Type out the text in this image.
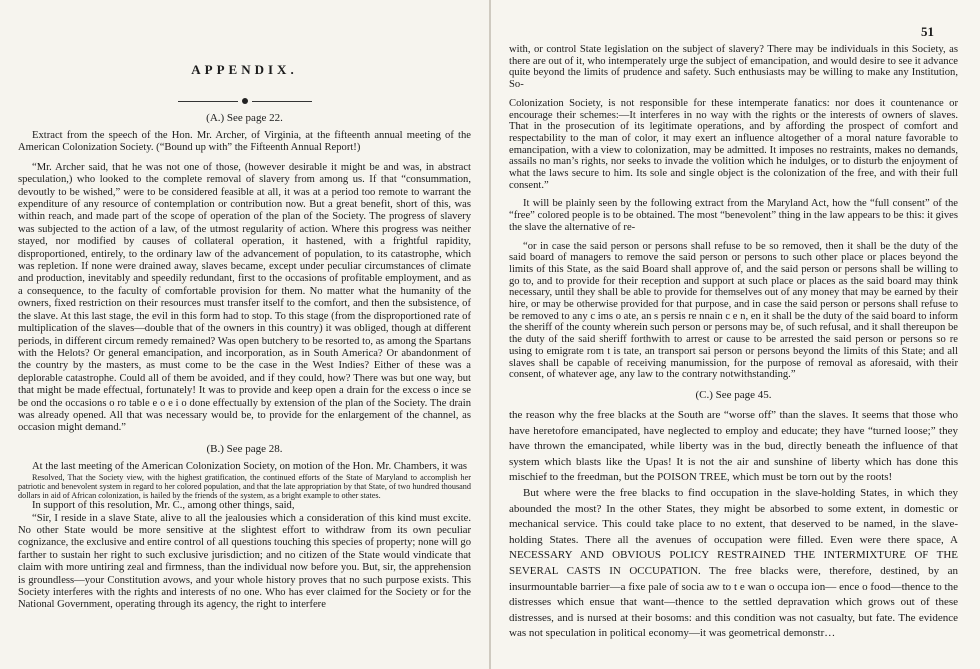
APPENDIX.
(A.) See page 22.

Extract from the speech of the Hon. Mr. Archer, of Virginia, at the fifteenth annual meeting of the American Colonization Society. (“Bound up with” the Fifteenth Annual Report!)

“Mr. Archer said, that he was not one of those, (however desirable it might be and was, in abstract speculation,) who looked to the complete removal of slavery from among us. If that “consummation, devoutly to be wished,” were to be considered feasible at all, it was at a period too remote to warrant the expenditure of any resource of contemplation or contribution now. But a great benefit, short of this, was within reach, and made part of the scope of operation of the plan of the Society. The progress of slavery was subjected to the action of a law, of the utmost regularity of action. Where this progress was neither stayed, nor modified by causes of collateral operation, it hastened, with a frightful rapidity, disproportioned, entirely, to the ordinary law of the advancement of population, to its catastrophe, which was repletion. If none were drained away, slaves became, except under peculiar circumstances of climate and production, inevitably and speedily redundant, first to the occasions of profitable employment, and as a consequence, to the faculty of comfortable provision for them. No matter what the humanity of the owners, fixed restriction on their resources must transfer itself to the comfort, and then the subsistence, of the slave. At this last stage, the evil in this form had to stop. To this stage (from the disproportioned rate of multiplication of the slaves—double that of the owners in this country) it was obliged, though at different periods, in different circum remedy remained? Was open butchery to be resorted to, as among the Spartans with the Helots? Or general emancipation, and incorporation, as in South America? Or abandonment of the country by the masters, as must come to be the case in the West Indies? Either of these was a deplorable catastrophe. Could all of them be avoided, and if they could, how? There was but one way, but that might be made effectual, fortunately! It was to provide and keep open a drain for the excess o ince se be ond the occasions o ro table e o e i o done effectually by extension of the plan of the Society. The drain was already opened. All that was necessary would be, to provide for the enlargement of the channel, as occasion might demand.”

(B.) See page 28.

At the last meeting of the American Colonization Society, on motion of the Hon. Mr. Chambers, it was

Resolved, That the Society view, with the highest gratification, the continued efforts of the State of Maryland to accomplish her patriotic and benevolent system in regard to her colored population, and that the late appropriation by that State, of two hundred thousand dollars in aid of African colonization, is hailed by the friends of the system, as a bright example to other states.

In support of this resolution, Mr. C., among other things, said,

“Sir, I reside in a slave State, alive to all the jealousies which a consideration of this kind must excite. No other State would be more sensitive at the slightest effort to withdraw from its own peculiar cognizance, the exclusive and entire control of all questions touching this species of property; none will go farther to sustain her right to such exclusive jurisdiction; and no citizen of the State would vindicate that claim with more untiring zeal and firmness, than the individual now before you. But, sir, the apprehension is groundless—your Constitution avows, and your whole history proves that no such purpose exists. This Society interferes with the rights and interests of no one. Who has ever claimed for the Society or for the National Government, operating through its agency, the right to interfere

51

with, or control State legislation on the subject of slavery? There may be individuals in this Society, as there are out of it, who intemperately urge the subject of emancipation, and would desire to see it advance quite beyond the limits of prudence and safety. Such enthusiasts may be willing to make any Institution, So-

Colonization Society, is not responsible for these intemperate fanatics: nor does it countenance or encourage their schemes:—It interferes in no way with the rights or the interests of owners of slaves. That in the prosecution of its legitimate operations, and by affording the prospect of comfort and respectability to the man of color, it may exert an influence altogether of a moral nature favorable to emancipation, with a view to colonization, may be admitted. It imposes no restraints, makes no demands, assails no man’s rights, nor seeks to invade the volition which he indulges, or to disturb the enjoyment of what the laws secure to him. Its sole and single object is the colonization of the free, and with their full consent.”

It will be plainly seen by the following extract from the Maryland Act, how the “full consent” of the “free” colored people is to be obtained. The most “benevolent” thing in the law appears to be this: it gives the slave the alternative of re-

“or in case the said person or persons shall refuse to be so removed, then it shall be the duty of the said board of managers to remove the said person or persons to such other place or places beyond the limits of this State, as the said Board shall approve of, and the said person or persons shall be willing to go to, and to provide for their reception and support at such place or places as the said board may think necessary, until they shall be able to provide for themselves out of any money that may be earned by their hire, or may be otherwise provided for that purpose, and in case the said person or persons shall refuse to be removed to any c ims o ate, an s persis re nnain c e n, en it shall be the duty of the said board to inform the sheriff of the county wherein such person or persons may be, of such refusal, and it shall thereupon be the duty of the said sheriff forthwith to arrest or cause to be arrested the said person or persons so re using to emigrate rom t is tate, an transport sai person or persons beyond the limits of this State; and all slaves shall be capable of receiving manumission, for the purpose of removal as aforesaid, with their consent, of whatever age, any law to the contrary notwithstanding.”

(C.) See page 45.

the reason why the free blacks at the South are “worse off” than the slaves. It seems that those who have heretofore emancipated, have neglected to employ and educate; they have “turned loose;” they have thrown the emancipated, while liberty was in the bud, directly beneath the influence of that system which blasts like the Upas! It is not the air and sunshine of liberty which has done this mischief to the freedman, but the POISON TREE, which must be torn out by the roots!

But where were the free blacks to find occupation in the slave-holding States, in which they abounded the most? In the other States, they might be absorbed to some extent, in domestic or mechanical service. This could take place to no extent, that deserved to be named, in the slave-holding States. There all the avenues of occupation were filled. Even were there space, A NECESSARY AND OBVIOUS POLICY RESTRAINED THE INTERMIXTURE OF THE SEVERAL CASTS IN OCCUPATION. The free blacks were, therefore, destined, by an insurmountable barrier—a fixe pale of socia aw to t e wan o occupa ion— ence o food—thence to the distresses which ensue that want—thence to the settled depravation which grows out of these distresses, and is nursed at their bosoms: and this condition was not casualty, but fate. The evidence was not speculation in political economy—it was geometrical demonstr…
